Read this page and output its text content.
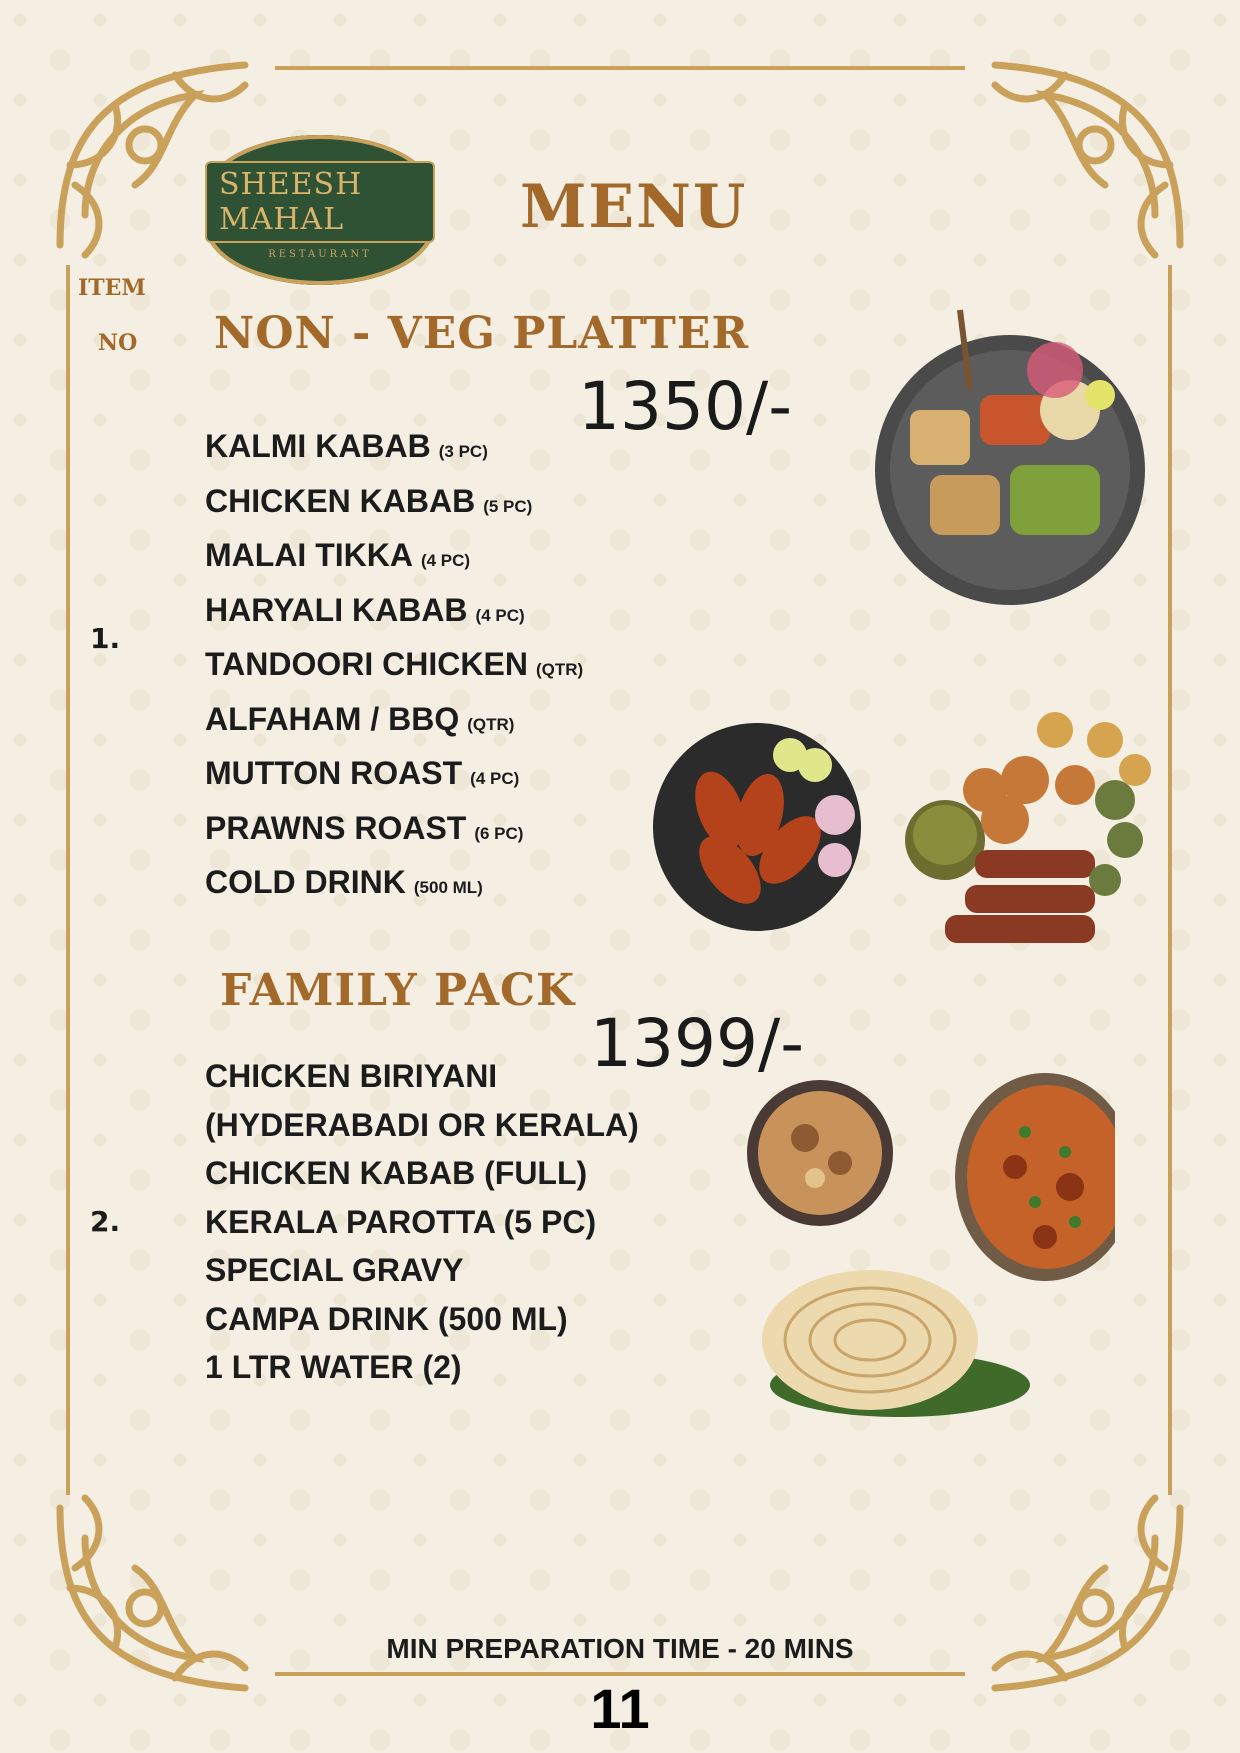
SHEESH MAHAL
RESTAURANT
MENU
ITEM
NO NON - VEG PLATTER
1350/-
1.
KALMI KABAB (3 PC)
CHICKEN KABAB (5 PC)
MALAI TIKKA (4 PC)
HARYALI KABAB (4 PC)
TANDOORI CHICKEN (QTR)
ALFAHAM / BBQ (QTR)
MUTTON ROAST (4 PC)
PRAWNS ROAST (6 PC)
COLD DRINK (500 ML)
FAMILY PACK
1399/-
2.
CHICKEN BIRIYANI
(HYDERABADI OR KERALA)
CHICKEN KABAB (FULL)
KERALA PAROTTA (5 PC)
SPECIAL GRAVY
CAMPA DRINK (500 ML)
1 LTR WATER (2)
MIN PREPARATION TIME - 20 MINS
11
